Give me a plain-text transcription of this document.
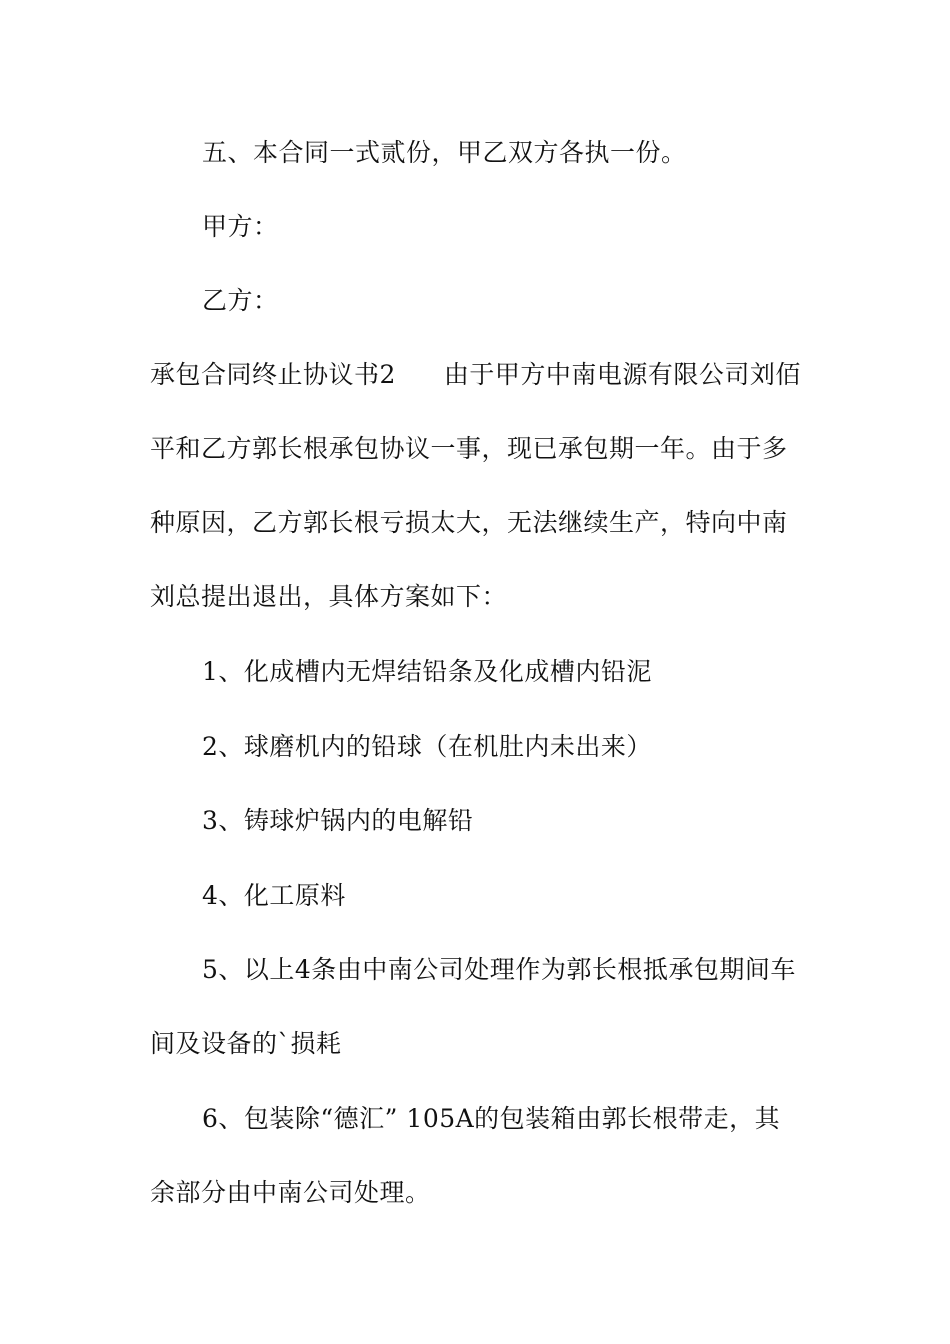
五、本合同一式贰份，甲乙双方各执一份。
甲方：
乙方：
承包合同终止协议书2 由于甲方中南电源有限公司刘佰
平和乙方郭长根承包协议一事，现已承包期一年。由于多
种原因，乙方郭长根亏损太大，无法继续生产，特向中南
刘总提出退出，具体方案如下：
1、化成槽内无焊结铅条及化成槽内铅泥
2、球磨机内的铅球（在机肚内未出来）
3、铸球炉锅内的电解铅
4、化工原料
5、以上4条由中南公司处理作为郭长根抵承包期间车
间及设备的`损耗
6、包装除“德汇” 105A的包装箱由郭长根带走，其
余部分由中南公司处理。
